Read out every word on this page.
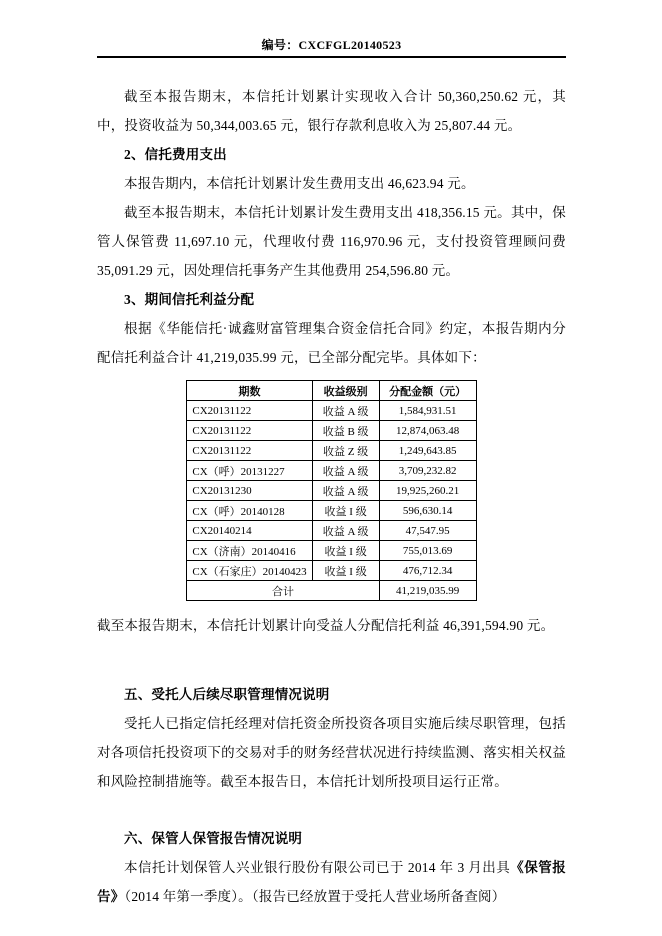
编号：CXCFGL20140523

截至本报告期末，本信托计划累计实现收入合计 50,360,250.62 元，其中，投资收益为 50,344,003.65 元，银行存款利息收入为 25,807.44 元。

2、信托费用支出

本报告期内，本信托计划累计发生费用支出 46,623.94 元。

截至本报告期末，本信托计划累计发生费用支出 418,356.15 元。其中，保管人保管费 11,697.10 元，代理收付费 116,970.96 元，支付投资管理顾问费 35,091.29 元，因处理信托事务产生其他费用 254,596.80 元。

3、期间信托利益分配

根据《华能信托·诚鑫财富管理集合资金信托合同》约定，本报告期内分配信托利益合计 41,219,035.99 元，已全部分配完毕。具体如下：

期数	收益级别	分配金额（元）
CX20131122	收益 A 级	1,584,931.51
CX20131122	收益 B 级	12,874,063.48
CX20131122	收益 Z 级	1,249,643.85
CX（呼）20131227	收益 A 级	3,709,232.82
CX20131230	收益 A 级	19,925,260.21
CX（呼）20140128	收益 I 级	596,630.14
CX20140214	收益 A 级	47,547.95
CX（济南）20140416	收益 I 级	755,013.69
CX（石家庄）20140423	收益 I 级	476,712.34
合计		41,219,035.99

截至本报告期末，本信托计划累计向受益人分配信托利益 46,391,594.90 元。

五、受托人后续尽职管理情况说明

受托人已指定信托经理对信托资金所投资各项目实施后续尽职管理，包括对各项信托投资项下的交易对手的财务经营状况进行持续监测、落实相关权益和风险控制措施等。截至本报告日，本信托计划所投项目运行正常。

六、保管人保管报告情况说明

本信托计划保管人兴业银行股份有限公司已于 2014 年 3 月出具《保管报告》（2014 年第一季度）。（报告已经放置于受托人营业场所备查阅）
